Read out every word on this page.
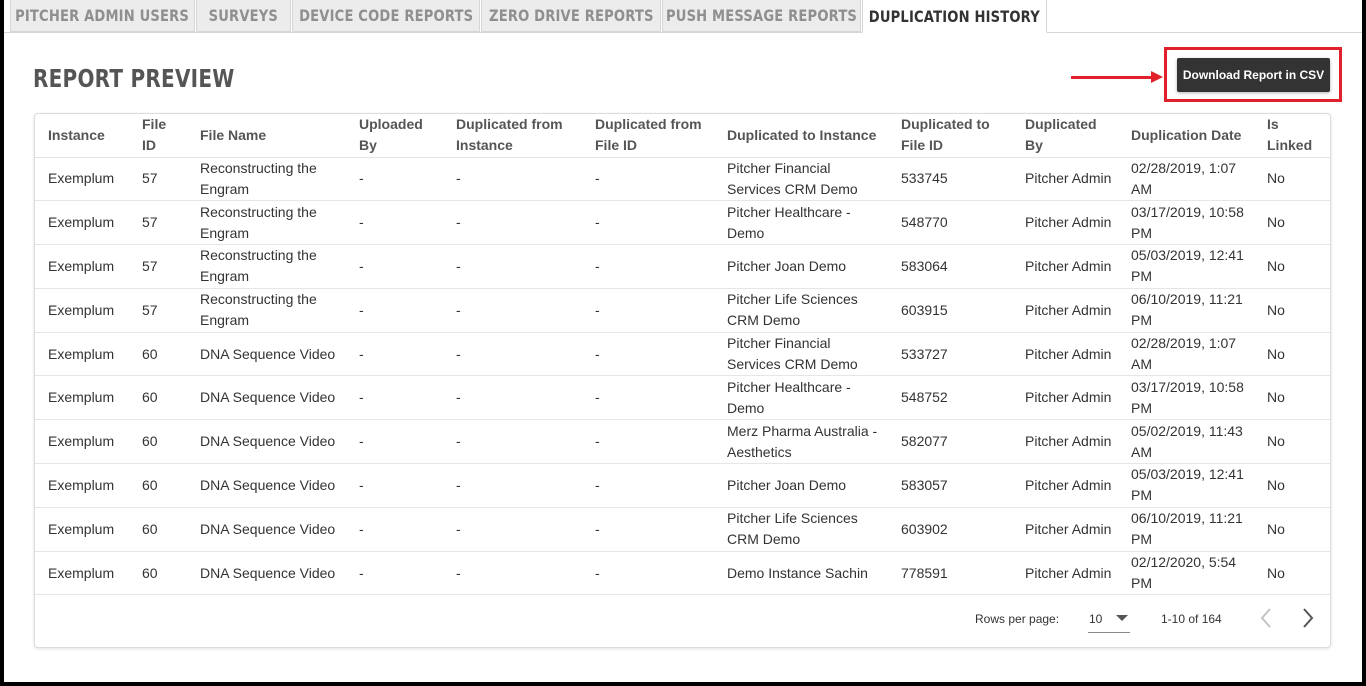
PITCHER ADMIN USERS SURVEYS DEVICE CODE REPORTS ZERO DRIVE REPORTS PUSH MESSAGE REPORTS DUPLICATION HISTORY
REPORT PREVIEW	Download Report in CSV
Instance	File ID	File Name	Uploaded By	Duplicated from Instance	Duplicated from File ID	Duplicated to Instance	Duplicated to File ID	Duplicated By	Duplication Date	Is Linked
Exemplum	57	Reconstructing the Engram	-	-	-	Pitcher Financial Services CRM Demo	533745	Pitcher Admin	02/28/2019, 1:07 AM	No
Exemplum	57	Reconstructing the Engram	-	-	-	Pitcher Healthcare - Demo	548770	Pitcher Admin	03/17/2019, 10:58 PM	No
Exemplum	57	Reconstructing the Engram	-	-	-	Pitcher Joan Demo	583064	Pitcher Admin	05/03/2019, 12:41 PM	No
Exemplum	57	Reconstructing the Engram	-	-	-	Pitcher Life Sciences CRM Demo	603915	Pitcher Admin	06/10/2019, 11:21 PM	No
Exemplum	60	DNA Sequence Video	-	-	-	Pitcher Financial Services CRM Demo	533727	Pitcher Admin	02/28/2019, 1:07 AM	No
Exemplum	60	DNA Sequence Video	-	-	-	Pitcher Healthcare - Demo	548752	Pitcher Admin	03/17/2019, 10:58 PM	No
Exemplum	60	DNA Sequence Video	-	-	-	Merz Pharma Australia - Aesthetics	582077	Pitcher Admin	05/02/2019, 11:43 AM	No
Exemplum	60	DNA Sequence Video	-	-	-	Pitcher Joan Demo	583057	Pitcher Admin	05/03/2019, 12:41 PM	No
Exemplum	60	DNA Sequence Video	-	-	-	Pitcher Life Sciences CRM Demo	603902	Pitcher Admin	06/10/2019, 11:21 PM	No
Exemplum	60	DNA Sequence Video	-	-	-	Demo Instance Sachin	778591	Pitcher Admin	02/12/2020, 5:54 PM	No
Rows per page: 10	1-10 of 164
